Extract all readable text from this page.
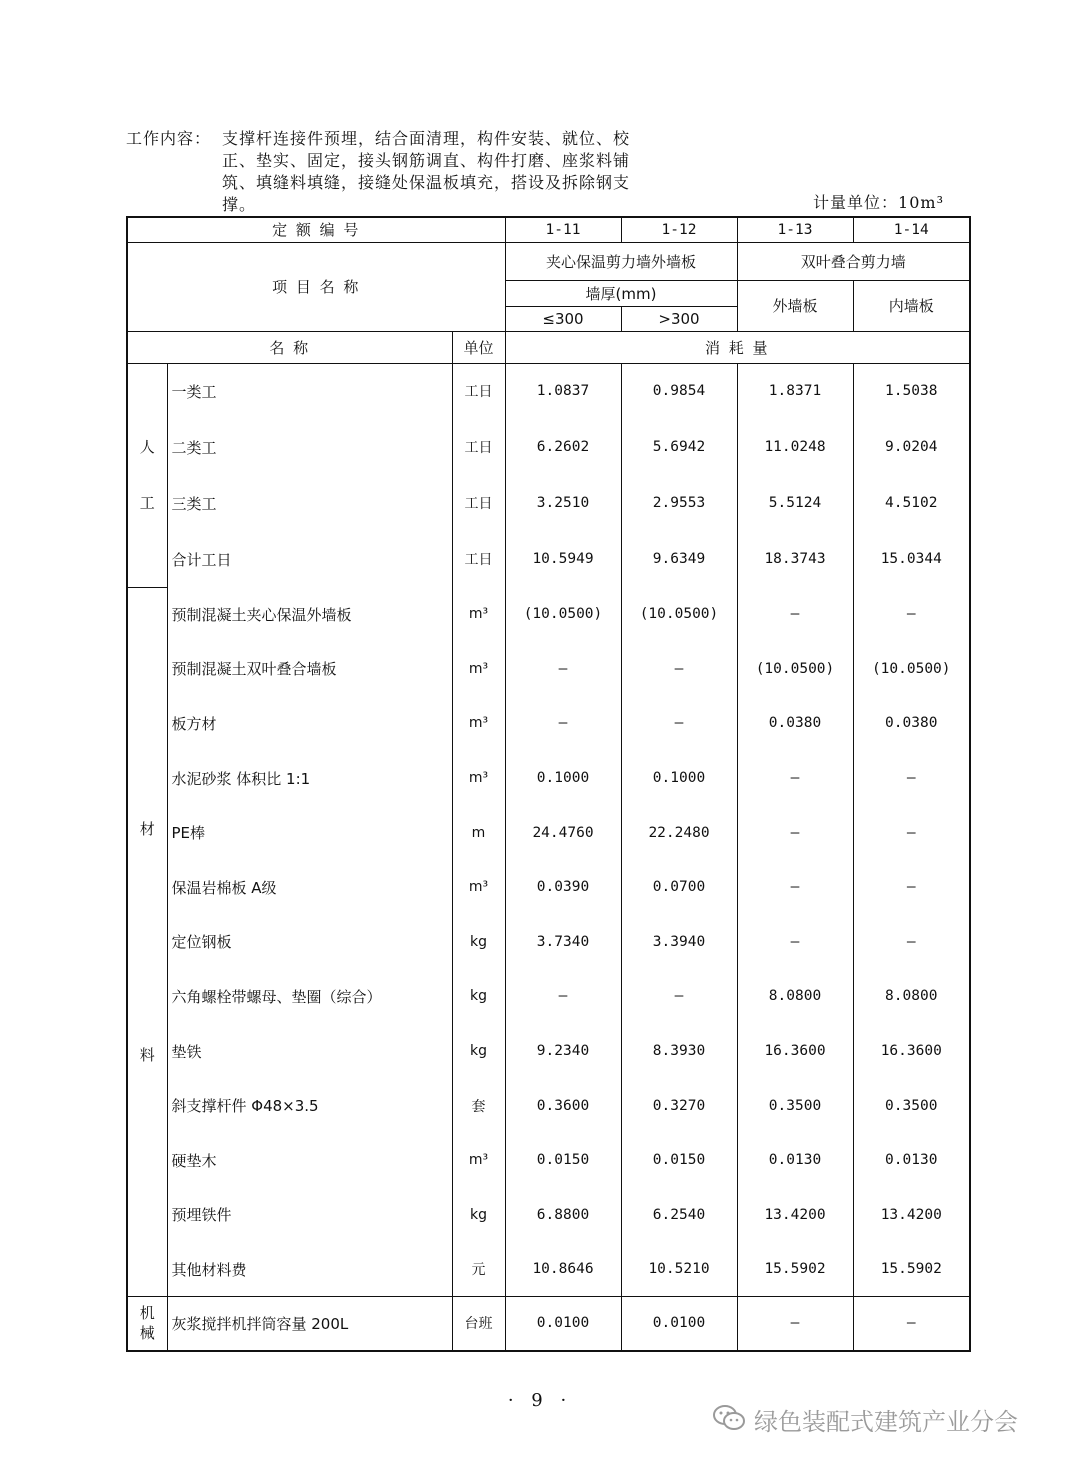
工作内容： 支撑杆连接件预埋，结合面清理，构件安装、就位、校
正、垫实、固定，接头钢筋调直、构件打磨、座浆料铺
筑、填缝料填缝，接缝处保温板填充，搭设及拆除钢支
撑。	计量单位：10m³
定 额 编 号			1-11	1-12	1-13	1-14
项 目 名 称			夹心保温剪力墙外墙板		双叶叠合剪力墙	
			墙厚(mm)		外墙板	内墙板
			≤300	>300		
名 称		单位	消 耗 量			

人
工	一类工	工日	1.0837	0.9854	1.8371	1.5038
	二类工	工日	6.2602	5.6942	11.0248	9.0204
	三类工	工日	3.2510	2.9553	5.5124	4.5102
	合计工日	工日	10.5949	9.6349	18.3743	15.0344

材
料	预制混凝土夹心保温外墙板	m³	(10.0500)	(10.0500)	—	—
	预制混凝土双叶叠合墙板	m³	—	—	(10.0500)	(10.0500)
	板方材	m³	—	—	0.0380	0.0380
	水泥砂浆 体积比 1:1	m³	0.1000	0.1000	—	—
	PE棒	m	24.4760	22.2480	—	—
	保温岩棉板 A级	m³	0.0390	0.0700	—	—
	定位钢板	kg	3.7340	3.3940	—	—
	六角螺栓带螺母、垫圈（综合）	kg	—	—	8.0800	8.0800
	垫铁	kg	9.2340	8.3930	16.3600	16.3600
	斜支撑杆件 Φ48×3.5	套	0.3600	0.3270	0.3500	0.3500
	硬垫木	m³	0.0150	0.0150	0.0130	0.0130
	预埋铁件	kg	6.8800	6.2540	13.4200	13.4200
	其他材料费	元	10.8646	10.5210	15.5902	15.5902

机
械	灰浆搅拌机拌筒容量 200L	台班	0.0100	0.0100	—	—
· 9 ·
绿色装配式建筑产业分会
